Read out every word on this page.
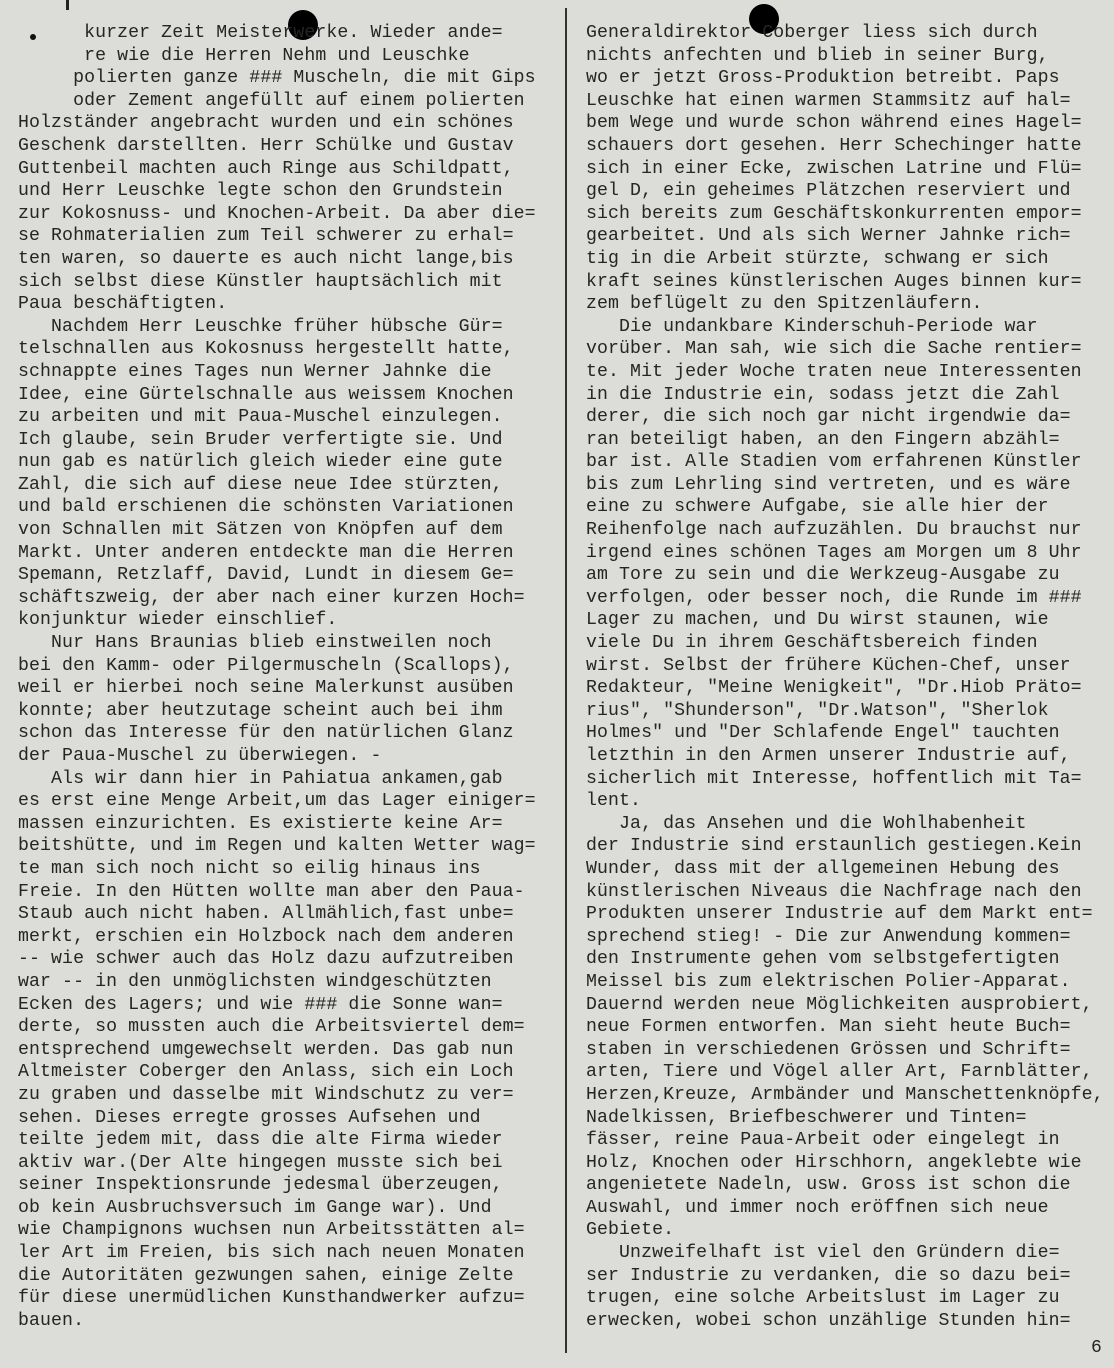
kurzer Zeit Meisterwerke. Wieder ande=
re wie die Herren Nehm und Leuschke
polierten ganze ### Muscheln, die mit Gips
oder Zement angefüllt auf einem polierten
Holzständer angebracht wurden und ein schönes
Geschenk darstellten. Herr Schülke und Gustav
Guttenbeil machten auch Ringe aus Schildpatt,
und Herr Leuschke legte schon den Grundstein
zur Kokosnuss- und Knochen-Arbeit. Da aber die=
se Rohmaterialien zum Teil schwerer zu erhal=
ten waren, so dauerte es auch nicht lange,bis
sich selbst diese Künstler hauptsächlich mit
Paua beschäftigten.
Nachdem Herr Leuschke früher hübsche Gür=
telschnallen aus Kokosnuss hergestellt hatte,
schnappte eines Tages nun Werner Jahnke die
Idee, eine Gürtelschnalle aus weissem Knochen
zu arbeiten und mit Paua-Muschel einzulegen.
Ich glaube, sein Bruder verfertigte sie. Und
nun gab es natürlich gleich wieder eine gute
Zahl, die sich auf diese neue Idee stürzten,
und bald erschienen die schönsten Variationen
von Schnallen mit Sätzen von Knöpfen auf dem
Markt. Unter anderen entdeckte man die Herren
Spemann, Retzlaff, David, Lundt in diesem Ge=
schäftszweig, der aber nach einer kurzen Hoch=
konjunktur wieder einschlief.
Nur Hans Braunias blieb einstweilen noch
bei den Kamm- oder Pilgermuscheln (Scallops),
weil er hierbei noch seine Malerkunst ausüben
konnte; aber heutzutage scheint auch bei ihm
schon das Interesse für den natürlichen Glanz
der Paua-Muschel zu überwiegen. -
Als wir dann hier in Pahiatua ankamen,gab
es erst eine Menge Arbeit,um das Lager einiger=
massen einzurichten. Es existierte keine Ar=
beitshütte, und im Regen und kalten Wetter wag=
te man sich noch nicht so eilig hinaus ins
Freie. In den Hütten wollte man aber den Paua-
Staub auch nicht haben. Allmählich,fast unbe=
merkt, erschien ein Holzbock nach dem anderen
-- wie schwer auch das Holz dazu aufzutreiben
war -- in den unmöglichsten windgeschützten
Ecken des Lagers; und wie ### die Sonne wan=
derte, so mussten auch die Arbeitsviertel dem=
entsprechend umgewechselt werden. Das gab nun
Altmeister Coberger den Anlass, sich ein Loch
zu graben und dasselbe mit Windschutz zu ver=
sehen. Dieses erregte grosses Aufsehen und
teilte jedem mit, dass die alte Firma wieder
aktiv war.(Der Alte hingegen musste sich bei
seiner Inspektionsrunde jedesmal überzeugen,
ob kein Ausbruchsversuch im Gange war). Und
wie Champignons wuchsen nun Arbeitsstätten al=
ler Art im Freien, bis sich nach neuen Monaten
die Autoritäten gezwungen sahen, einige Zelte
für diese unermüdlichen Kunsthandwerker aufzu=
bauen.
Generaldirektor Coberger liess sich durch
nichts anfechten und blieb in seiner Burg,
wo er jetzt Gross-Produktion betreibt. Paps
Leuschke hat einen warmen Stammsitz auf hal=
bem Wege und wurde schon während eines Hagel=
schauers dort gesehen. Herr Schechinger hatte
sich in einer Ecke, zwischen Latrine und Flü=
gel D, ein geheimes Plätzchen reserviert und
sich bereits zum Geschäftskonkurrenten empor=
gearbeitet. Und als sich Werner Jahnke rich=
tig in die Arbeit stürzte, schwang er sich
kraft seines künstlerischen Auges binnen kur=
zem beflügelt zu den Spitzenläufern.
Die undankbare Kinderschuh-Periode war
vorüber. Man sah, wie sich die Sache rentier=
te. Mit jeder Woche traten neue Interessenten
in die Industrie ein, sodass jetzt die Zahl
derer, die sich noch gar nicht irgendwie da=
ran beteiligt haben, an den Fingern abzähl=
bar ist. Alle Stadien vom erfahrenen Künstler
bis zum Lehrling sind vertreten, und es wäre
eine zu schwere Aufgabe, sie alle hier der
Reihenfolge nach aufzuzählen. Du brauchst nur
irgend eines schönen Tages am Morgen um 8 Uhr
am Tore zu sein und die Werkzeug-Ausgabe zu
verfolgen, oder besser noch, die Runde im ###
Lager zu machen, und Du wirst staunen, wie
viele Du in ihrem Geschäftsbereich finden
wirst. Selbst der frühere Küchen-Chef, unser
Redakteur, "Meine Wenigkeit", "Dr.Hiob Präto=
rius", "Shunderson", "Dr.Watson", "Sherlok
Holmes" und "Der Schlafende Engel" tauchten
letzthin in den Armen unserer Industrie auf,
sicherlich mit Interesse, hoffentlich mit Ta=
lent.
Ja, das Ansehen und die Wohlhabenheit
der Industrie sind erstaunlich gestiegen.Kein
Wunder, dass mit der allgemeinen Hebung des
künstlerischen Niveaus die Nachfrage nach den
Produkten unserer Industrie auf dem Markt ent=
sprechend stieg! - Die zur Anwendung kommen=
den Instrumente gehen vom selbstgefertigten
Meissel bis zum elektrischen Polier-Apparat.
Dauernd werden neue Möglichkeiten ausprobiert,
neue Formen entworfen. Man sieht heute Buch=
staben in verschiedenen Grössen und Schrift=
arten, Tiere und Vögel aller Art, Farnblätter,
Herzen,Kreuze, Armbänder und Manschettenknöpfe,
Nadelkissen, Briefbeschwerer und Tinten=
fässer, reine Paua-Arbeit oder eingelegt in
Holz, Knochen oder Hirschhorn, angeklebte wie
angenietete Nadeln, usw. Gross ist schon die
Auswahl, und immer noch eröffnen sich neue
Gebiete.
Unzweifelhaft ist viel den Gründern die=
ser Industrie zu verdanken, die so dazu bei=
trugen, eine solche Arbeitslust im Lager zu
erwecken, wobei schon unzählige Stunden hin=
6
